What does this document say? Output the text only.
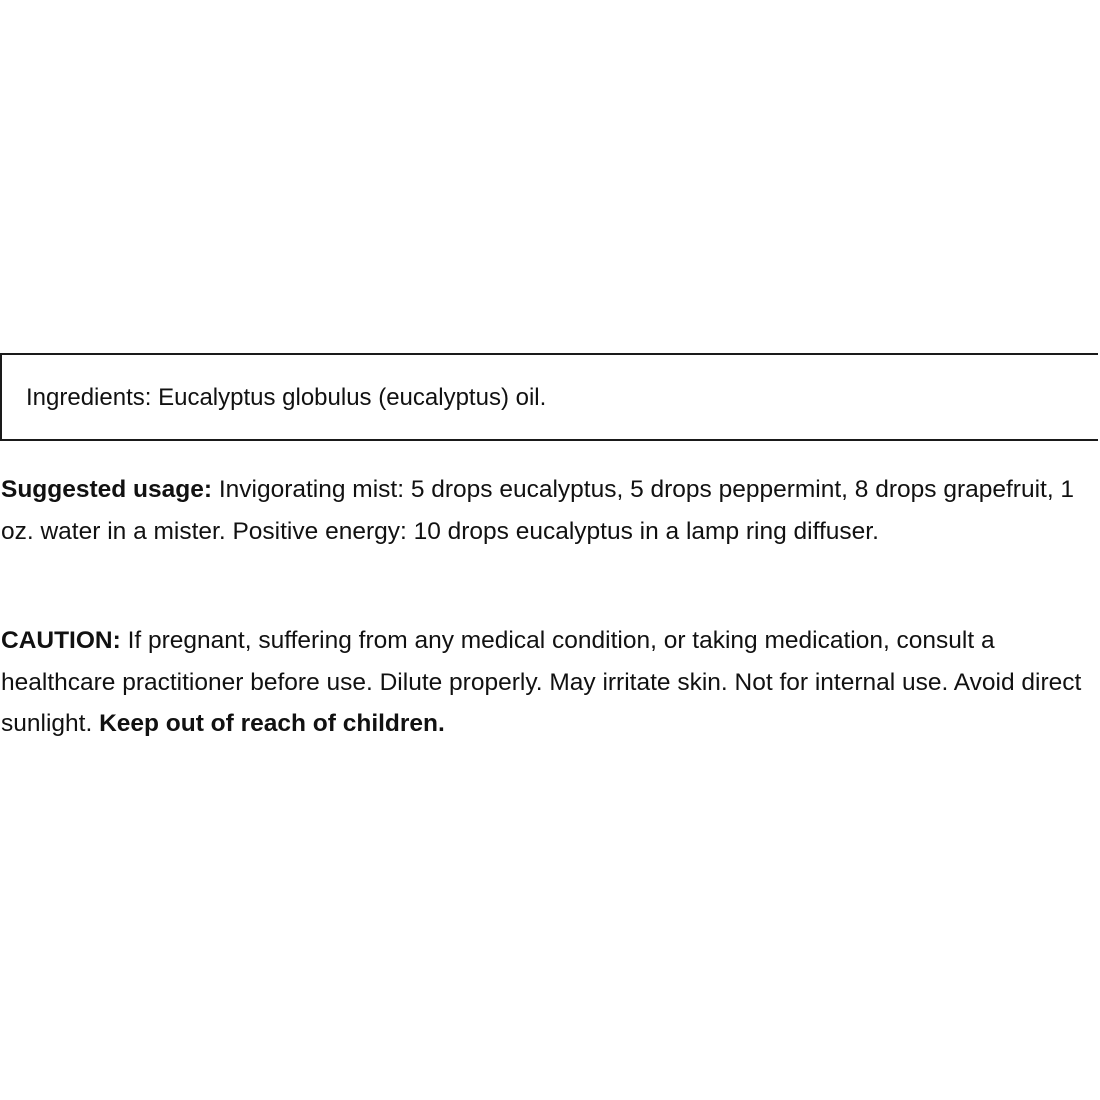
Ingredients: Eucalyptus globulus (eucalyptus) oil.

Suggested usage: Invigorating mist: 5 drops eucalyptus, 5 drops peppermint, 8 drops grapefruit, 1 oz. water in a mister. Positive energy: 10 drops eucalyptus in a lamp ring diffuser.

CAUTION: If pregnant, suffering from any medical condition, or taking medication, consult a healthcare practitioner before use. Dilute properly. May irritate skin. Not for internal use. Avoid direct sunlight. Keep out of reach of children.
